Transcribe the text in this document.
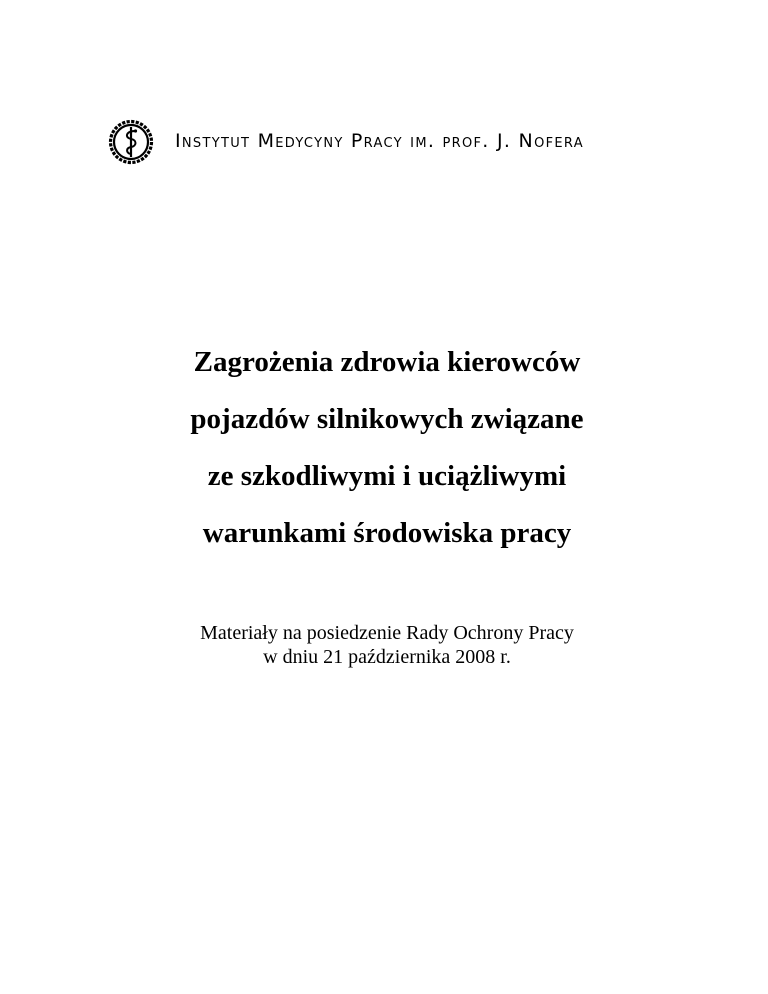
Instytut Medycyny Pracy im. prof. J. Nofera
Zagrożenia zdrowia kierowców
pojazdów silnikowych związane
ze szkodliwymi i uciążliwymi
warunkami środowiska pracy
Materiały na posiedzenie Rady Ochrony Pracy
w dniu 21 października 2008 r.
